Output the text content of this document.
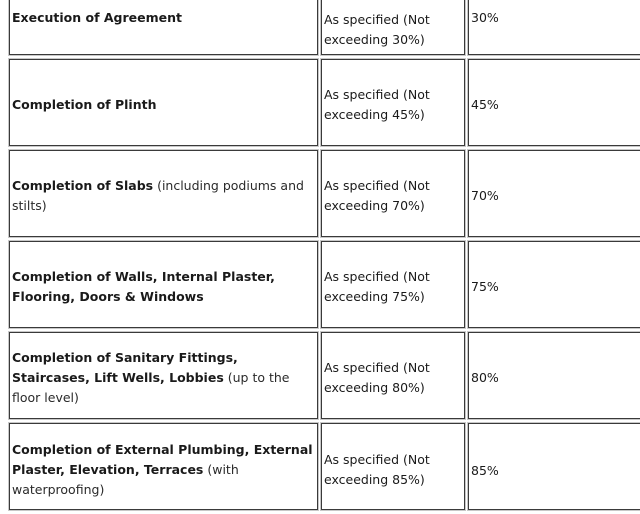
Execution of Agreement	As specified (Not exceeding 30%)
30%
Completion of Plinth
As specified (Not exceeding 45%)
45%
Completion of Slabs (including podiums and stilts)
As specified (Not exceeding 70%)
70%
Completion of Walls, Internal Plaster, Flooring, Doors & Windows
As specified (Not exceeding 75%)
75%
Completion of Sanitary Fittings, Staircases, Lift Wells, Lobbies (up to the floor level)
As specified (Not exceeding 80%)
80%
Completion of External Plumbing, External Plaster, Elevation, Terraces (with waterproofing)
As specified (Not exceeding 85%)
85%
